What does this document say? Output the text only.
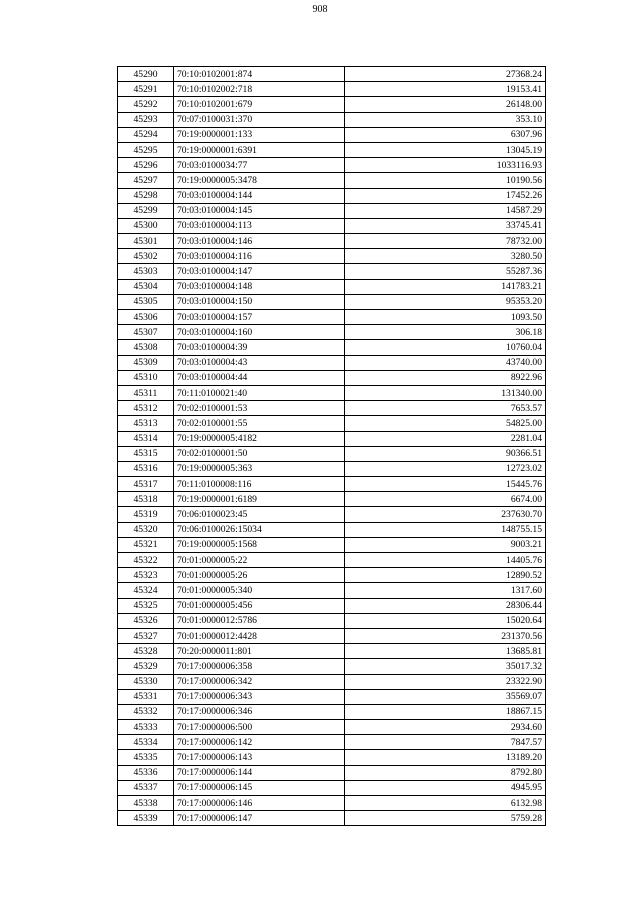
908
45290	70:10:0102001:874	27368.24
45291	70:10:0102002:718	19153.41
45292	70:10:0102001:679	26148.00
45293	70:07:0100031:370	353.10
45294	70:19:0000001:133	6307.96
45295	70:19:0000001:6391	13045.19
45296	70:03:0100034:77	1033116.93
45297	70:19:0000005:3478	10190.56
45298	70:03:0100004:144	17452.26
45299	70:03:0100004:145	14587.29
45300	70:03:0100004:113	33745.41
45301	70:03:0100004:146	78732.00
45302	70:03:0100004:116	3280.50
45303	70:03:0100004:147	55287.36
45304	70:03:0100004:148	141783.21
45305	70:03:0100004:150	95353.20
45306	70:03:0100004:157	1093.50
45307	70:03:0100004:160	306.18
45308	70:03:0100004:39	10760.04
45309	70:03:0100004:43	43740.00
45310	70:03:0100004:44	8922.96
45311	70:11:0100021:40	131340.00
45312	70:02:0100001:53	7653.57
45313	70:02:0100001:55	54825.00
45314	70:19:0000005:4182	2281.04
45315	70:02:0100001:50	90366.51
45316	70:19:0000005:363	12723.02
45317	70:11:0100008:116	15445.76
45318	70:19:0000001:6189	6674.00
45319	70:06:0100023:45	237630.70
45320	70:06:0100026:15034	148755.15
45321	70:19:0000005:1568	9003.21
45322	70:01:0000005:22	14405.76
45323	70:01:0000005:26	12890.52
45324	70:01:0000005:340	1317.60
45325	70:01:0000005:456	28306.44
45326	70:01:0000012:5786	15020.64
45327	70:01:0000012:4428	231370.56
45328	70:20:0000011:801	13685.81
45329	70:17:0000006:358	35017.32
45330	70:17:0000006:342	23322.90
45331	70:17:0000006:343	35569.07
45332	70:17:0000006:346	18867.15
45333	70:17:0000006:500	2934.60
45334	70:17:0000006:142	7847.57
45335	70:17:0000006:143	13189.20
45336	70:17:0000006:144	8792.80
45337	70:17:0000006:145	4945.95
45338	70:17:0000006:146	6132.98
45339	70:17:0000006:147	5759.28
